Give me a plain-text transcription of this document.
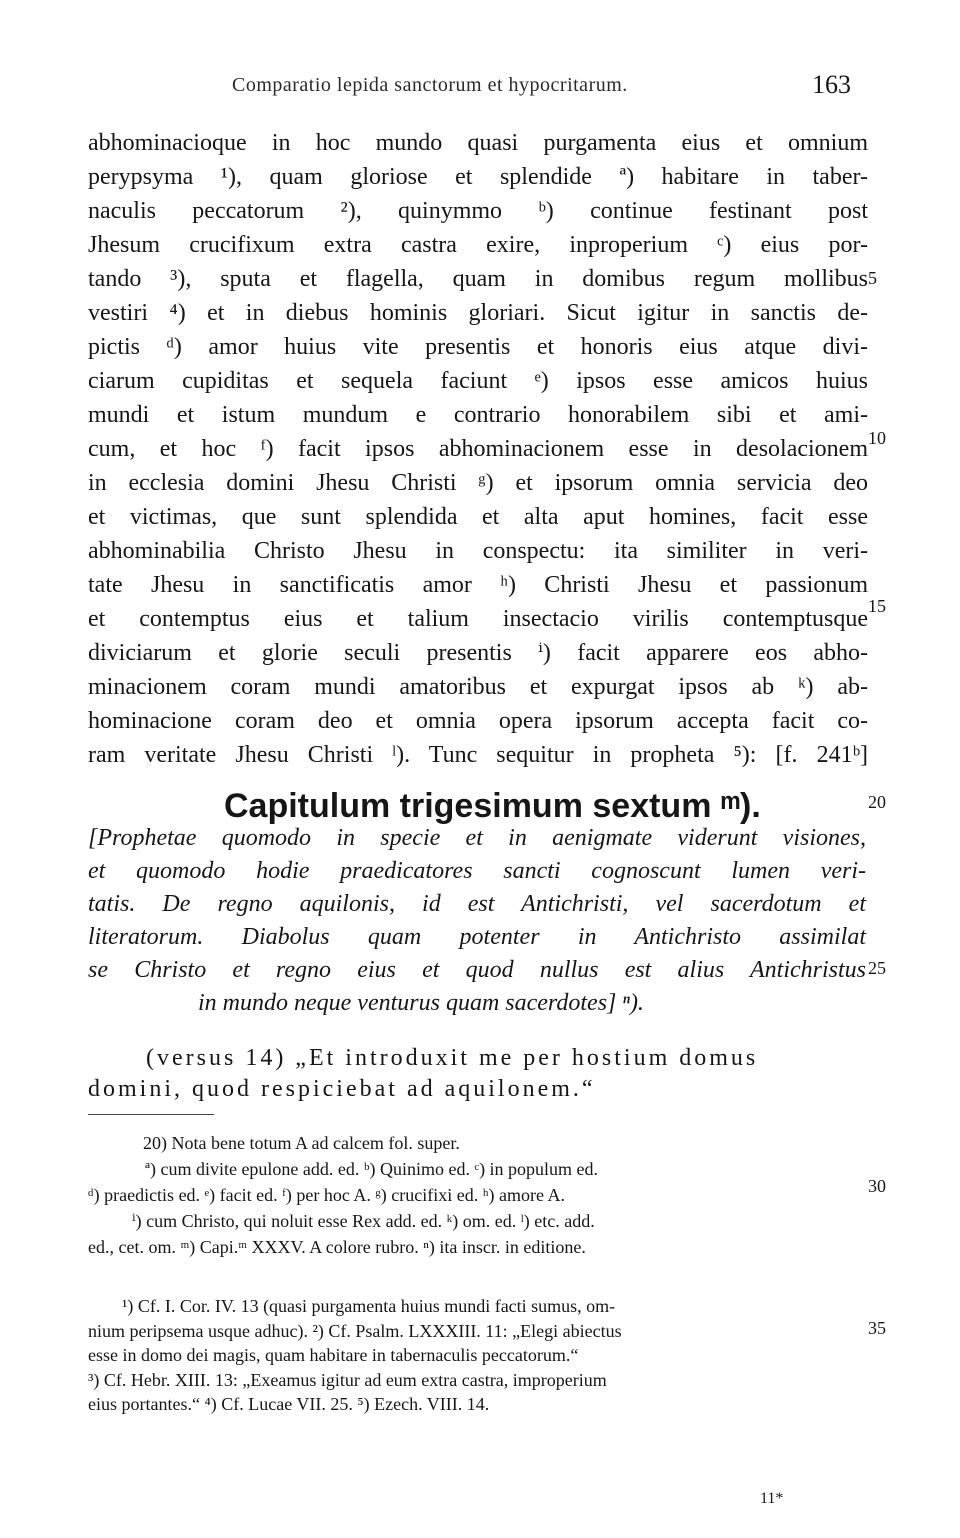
Comparatio lepida sanctorum et hypocritarum.	163
abhominacioque in hoc mundo quasi purgamenta eius et omnium
perypsyma ¹), quam gloriose et splendide ª) habitare in taber-
naculis peccatorum ²), quinymmo ᵇ) continue festinant post
Jhesum crucifixum extra castra exire, inproperium ᶜ) eius por-
tando ³), sputa et flagella, quam in domibus regum mollibus
vestiri ⁴) et in diebus hominis gloriari. Sicut igitur in sanctis de-
pictis ᵈ) amor huius vite presentis et honoris eius atque divi-
ciarum cupiditas et sequela faciunt ᵉ) ipsos esse amicos huius
mundi et istum mundum e contrario honorabilem sibi et ami-
cum, et hoc ᶠ) facit ipsos abhominacionem esse in desolacionem
in ecclesia domini Jhesu Christi ᵍ) et ipsorum omnia servicia deo
et victimas, que sunt splendida et alta aput homines, facit esse
abhominabilia Christo Jhesu in conspectu: ita similiter in veri-
tate Jhesu in sanctificatis amor ʰ) Christi Jhesu et passionum
et contemptus eius et talium insectacio virilis contemptusque
diviciarum et glorie seculi presentis ⁱ) facit apparere eos abho-
minacionem coram mundi amatoribus et expurgat ipsos ab ᵏ) ab-
hominacione coram deo et omnia opera ipsorum accepta facit co-
ram veritate Jhesu Christi ˡ). Tunc sequitur in propheta ⁵): [f. 241ᵇ]
5
10
15
20
25
30
35
Capitulum trigesimum sextum ᵐ).
[Prophetae quomodo in specie et in aenigmate viderunt visiones,
et quomodo hodie praedicatores sancti cognoscunt lumen veri-
tatis. De regno aquilonis, id est Antichristi, vel sacerdotum et
literatorum. Diabolus quam potenter in Antichristo assimilat
se Christo et regno eius et quod nullus est alius Antichristus
in mundo neque venturus quam sacerdotes] ⁿ).
(versus 14) „Et introduxit me per hostium domus
domini, quod respiciebat ad aquilonem.“
20) Nota bene totum A ad calcem fol. super.
ª) cum divite epulone add. ed. ᵇ) Quinimo ed. ᶜ) in populum ed.
ᵈ) praedictis ed. ᵉ) facit ed. ᶠ) per hoc A. ᵍ) crucifixi ed. ʰ) amore A.
ⁱ) cum Christo, qui noluit esse Rex add. ed. ᵏ) om. ed. ˡ) etc. add.
ed., cet. om. ᵐ) Capi.ᵐ XXXV. A colore rubro. ⁿ) ita inscr. in editione.
¹) Cf. I. Cor. IV. 13 (quasi purgamenta huius mundi facti sumus, om-
nium peripsema usque adhuc). ²) Cf. Psalm. LXXXIII. 11: „Elegi abiectus
esse in domo dei magis, quam habitare in tabernaculis peccatorum.“
³) Cf. Hebr. XIII. 13: „Exeamus igitur ad eum extra castra, improperium
eius portantes.“ ⁴) Cf. Lucae VII. 25. ⁵) Ezech. VIII. 14.
11*
